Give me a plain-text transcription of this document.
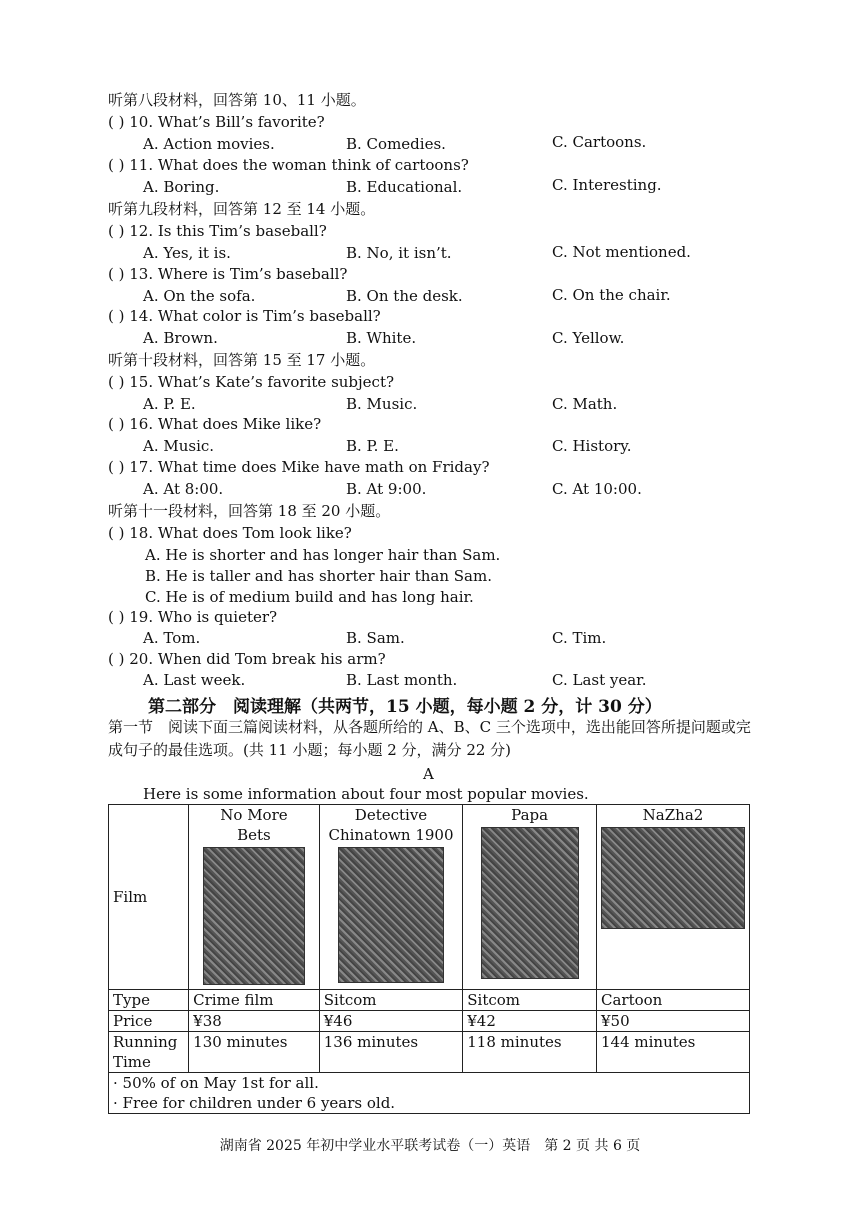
听第八段材料，回答第 10、11 小题。
( ) 10. What’s Bill’s favorite?
A. Action movies.	B. Comedies.	C. Cartoons.
( ) 11. What does the woman think of cartoons?
A. Boring.	B. Educational.	C. Interesting.
听第九段材料，回答第 12 至 14 小题。
( ) 12. Is this Tim’s baseball?
A. Yes, it is.	B. No, it isn’t.	C. Not mentioned.
( ) 13. Where is Tim’s baseball?
A. On the sofa.	B. On the desk.	C. On the chair.
( ) 14. What color is Tim’s baseball?
A. Brown.	B. White.	C. Yellow.
听第十段材料，回答第 15 至 17 小题。
( ) 15. What’s Kate’s favorite subject?
A. P. E.	B. Music.	C. Math.
( ) 16. What does Mike like?
A. Music.	B. P. E.	C. History.
( ) 17. What time does Mike have math on Friday?
A. At 8:00.	B. At 9:00.	C. At 10:00.
听第十一段材料，回答第 18 至 20 小题。
( ) 18. What does Tom look like?
A. He is shorter and has longer hair than Sam.
B. He is taller and has shorter hair than Sam.
C. He is of medium build and has long hair.
( ) 19. Who is quieter?
A. Tom.	B. Sam.	C. Tim.
( ) 20. When did Tom break his arm?
A. Last week.	B. Last month.	C. Last year.
第二部分　阅读理解（共两节，15 小题，每小题 2 分，计 30 分）
第一节　阅读下面三篇阅读材料，从各题所给的 A、B、C 三个选项中，选出能回答所提问题或完成句子的最佳选项。(共 11 小题；每小题 2 分，满分 22 分)
A
Here is some information about four most popular movies.
Film	No More Bets	Detective Chinatown 1900	Papa	NaZha2

Type	Crime film	Sitcom	Sitcom	Cartoon
Price	¥38	¥46	¥42	¥50
Running Time	130 minutes	136 minutes	118 minutes	144 minutes

· 50% of on May 1st for all.
· Free for children under 6 years old.				
湖南省 2025 年初中学业水平联考试卷（一）英语　第 2 页 共 6 页
